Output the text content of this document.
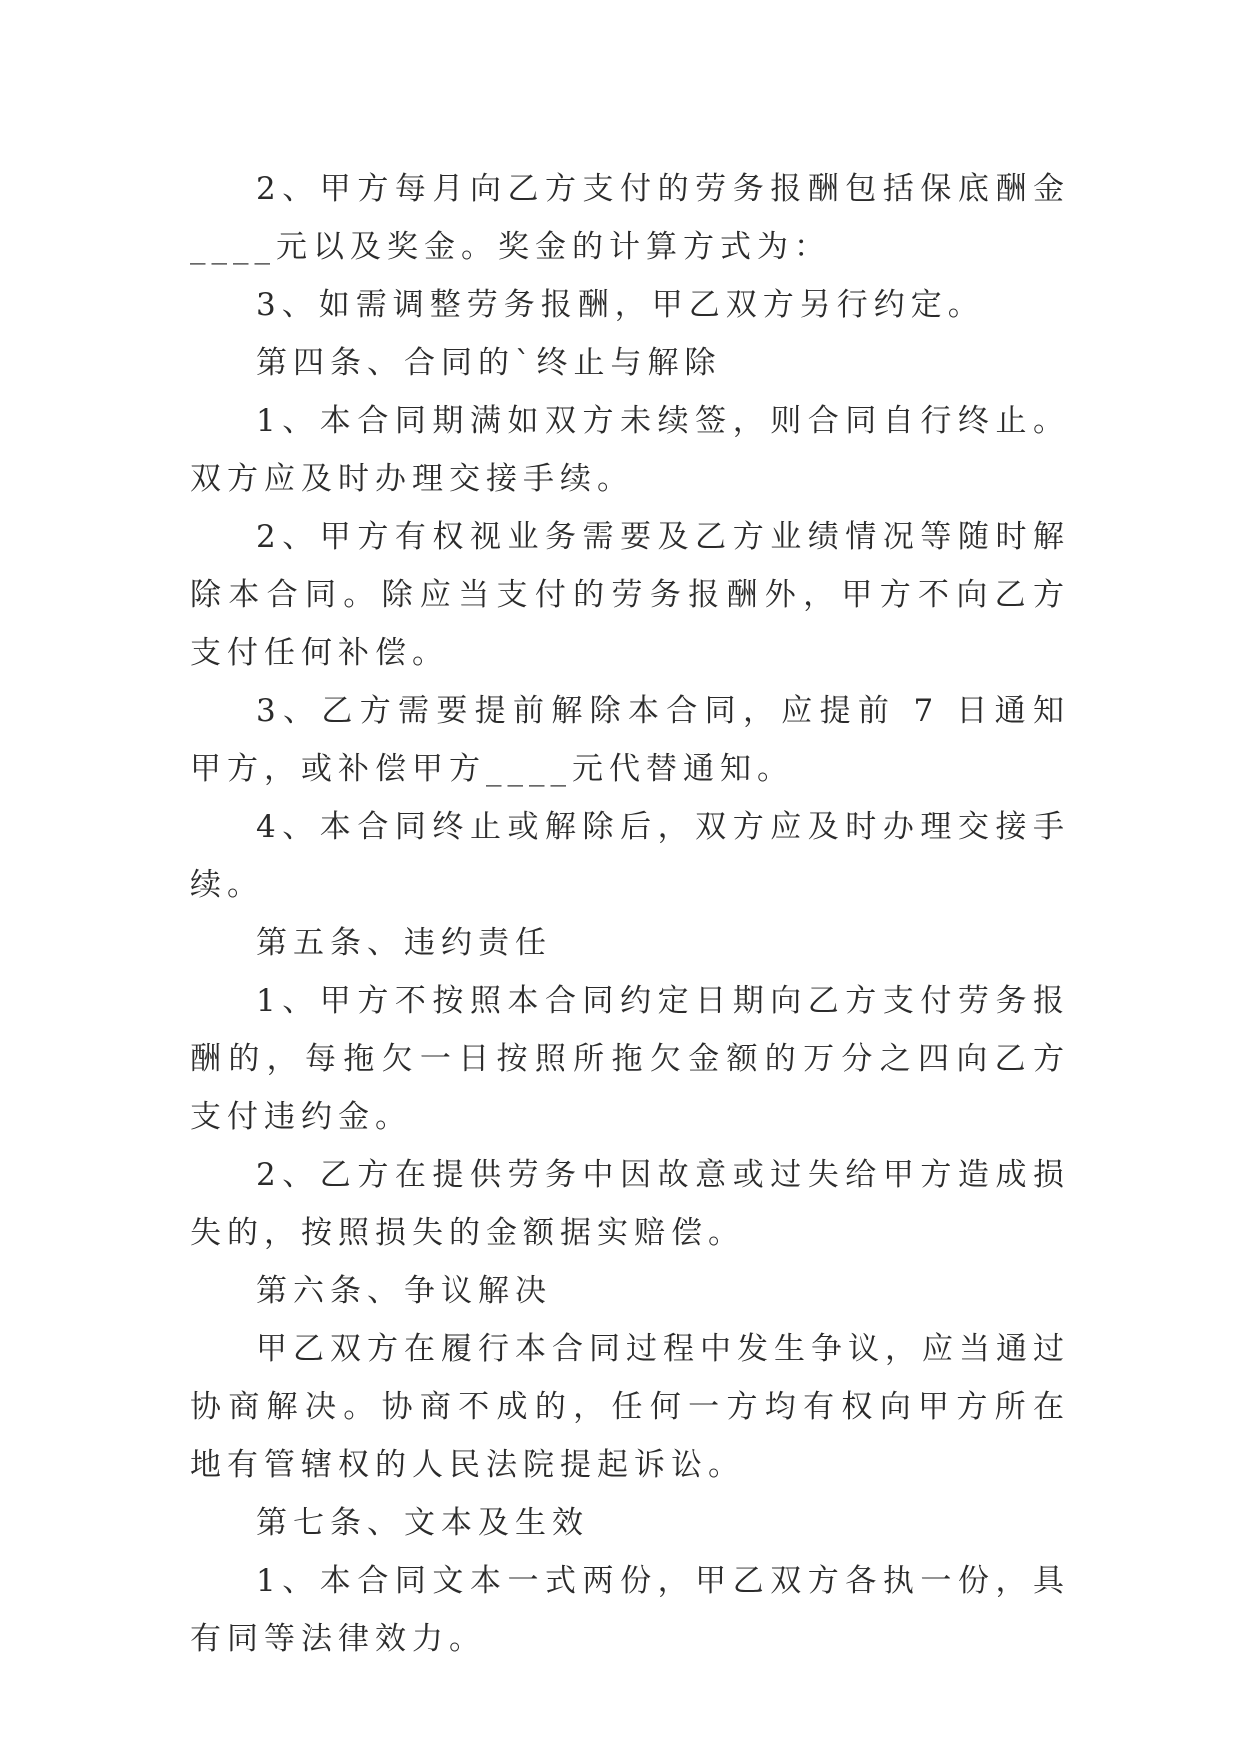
2、甲方每月向乙方支付的劳务报酬包括保底酬金____元以及奖金。奖金的计算方式为：

3、如需调整劳务报酬，甲乙双方另行约定。

第四条、合同的`终止与解除

1、本合同期满如双方未续签，则合同自行终止。双方应及时办理交接手续。

2、甲方有权视业务需要及乙方业绩情况等随时解除本合同。除应当支付的劳务报酬外，甲方不向乙方支付任何补偿。

3、乙方需要提前解除本合同，应提前 7 日通知甲方，或补偿甲方____元代替通知。

4、本合同终止或解除后，双方应及时办理交接手续。

第五条、违约责任

1、甲方不按照本合同约定日期向乙方支付劳务报酬的，每拖欠一日按照所拖欠金额的万分之四向乙方支付违约金。

2、乙方在提供劳务中因故意或过失给甲方造成损失的，按照损失的金额据实赔偿。

第六条、争议解决

甲乙双方在履行本合同过程中发生争议，应当通过协商解决。协商不成的，任何一方均有权向甲方所在地有管辖权的人民法院提起诉讼。

第七条、文本及生效

1、本合同文本一式两份，甲乙双方各执一份，具有同等法律效力。
